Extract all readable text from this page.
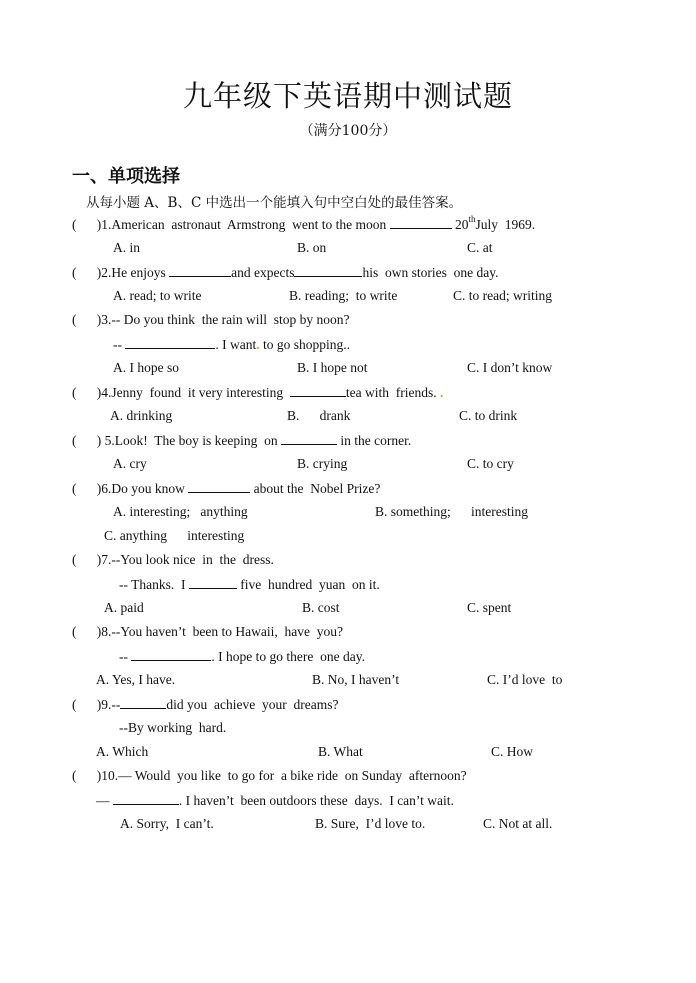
九年级下英语期中测试题
（满分100分）
一、单项选择
从每小题 A、B、C 中选出一个能填入句中空白处的最佳答案。
(      )1.American  astronaut  Armstrong  went to the moon	20thJuly  1969.
A. in	B. on	C. at
(      )2.He enjoys	and expects	his  own stories  one day.
A. read; to write	B. reading;  to write	C. to read; writing
(      )3.-- Do you think  the rain will  stop by noon?
--	. I want. to go shopping..
A. I hope so	B. I hope not	C. I don’t know
(      )4.Jenny  found  it very interesting	tea with  friends. .
A. drinking	B.      drank	C. to drink
(      ) 5.Look!  The boy is keeping  on	in the corner.
A. cry	B. crying	C. to cry
(      )6.Do you know	about the  Nobel Prize?
A. interesting;   anything	B. something;      interesting
C. anything      interesting
(      )7.--You look nice  in  the  dress.
-- Thanks.  I	five  hundred  yuan  on it.
A. paid	B. cost	C. spent
(      )8.--You haven’t  been to Hawaii,  have  you?
--	. I hope to go there  one day.
A. Yes, I have.	B. No, I haven’t	C. I’d love  to
(      )9.--	did you  achieve  your  dreams?
--By working  hard.
A. Which	B. What	C. How
(      )10.— Would  you like  to go for  a bike ride  on Sunday  afternoon?
—	. I haven’t  been outdoors these  days.  I can’t wait.
A. Sorry,  I can’t.	B. Sure,  I’d love to.	C. Not at all.
